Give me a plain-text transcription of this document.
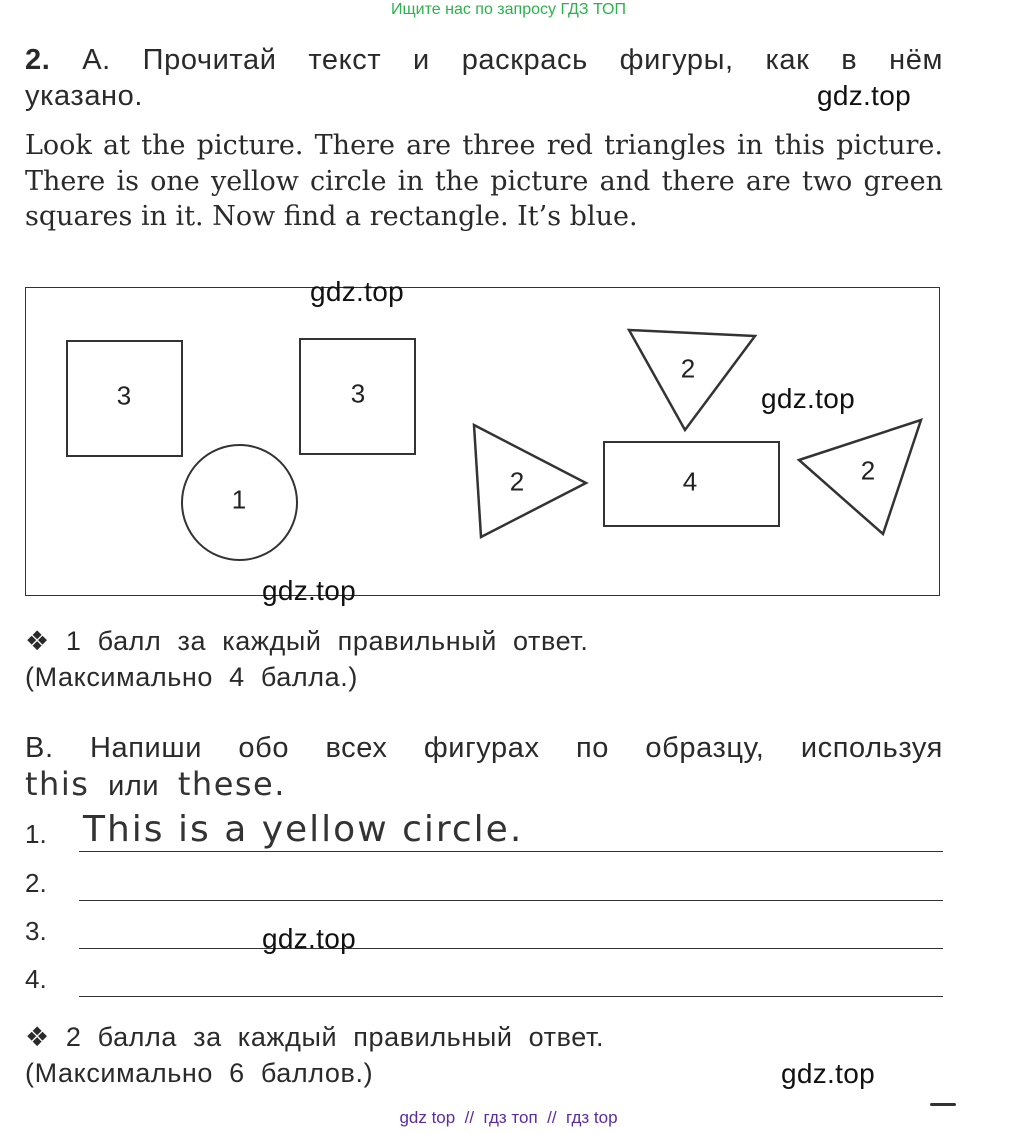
Ищите нас по запросу ГДЗ ТОП
2. А. Прочитай текст и раскрась фигуры, как в нём указано.	gdz.top
Look at the picture. There are three red triangles in this picture. There is one yellow circle in the picture and there are two green squares in it. Now find a rectangle. It’s blue.
3	3
1
4
2
2	2
gdz.top
gdz.top
gdz.top
❖ 1 балл за каждый правильный ответ.
(Максимально 4 балла.)
В. Напиши обо всех фигурах по образцу, используя
this или these.
1. This is a yellow circle.
2.
3.
4.
gdz.top
❖ 2 балла за каждый правильный ответ.
(Максимально 6 баллов.)	gdz.top
gdz top  //  гдз топ  //  гдз top
